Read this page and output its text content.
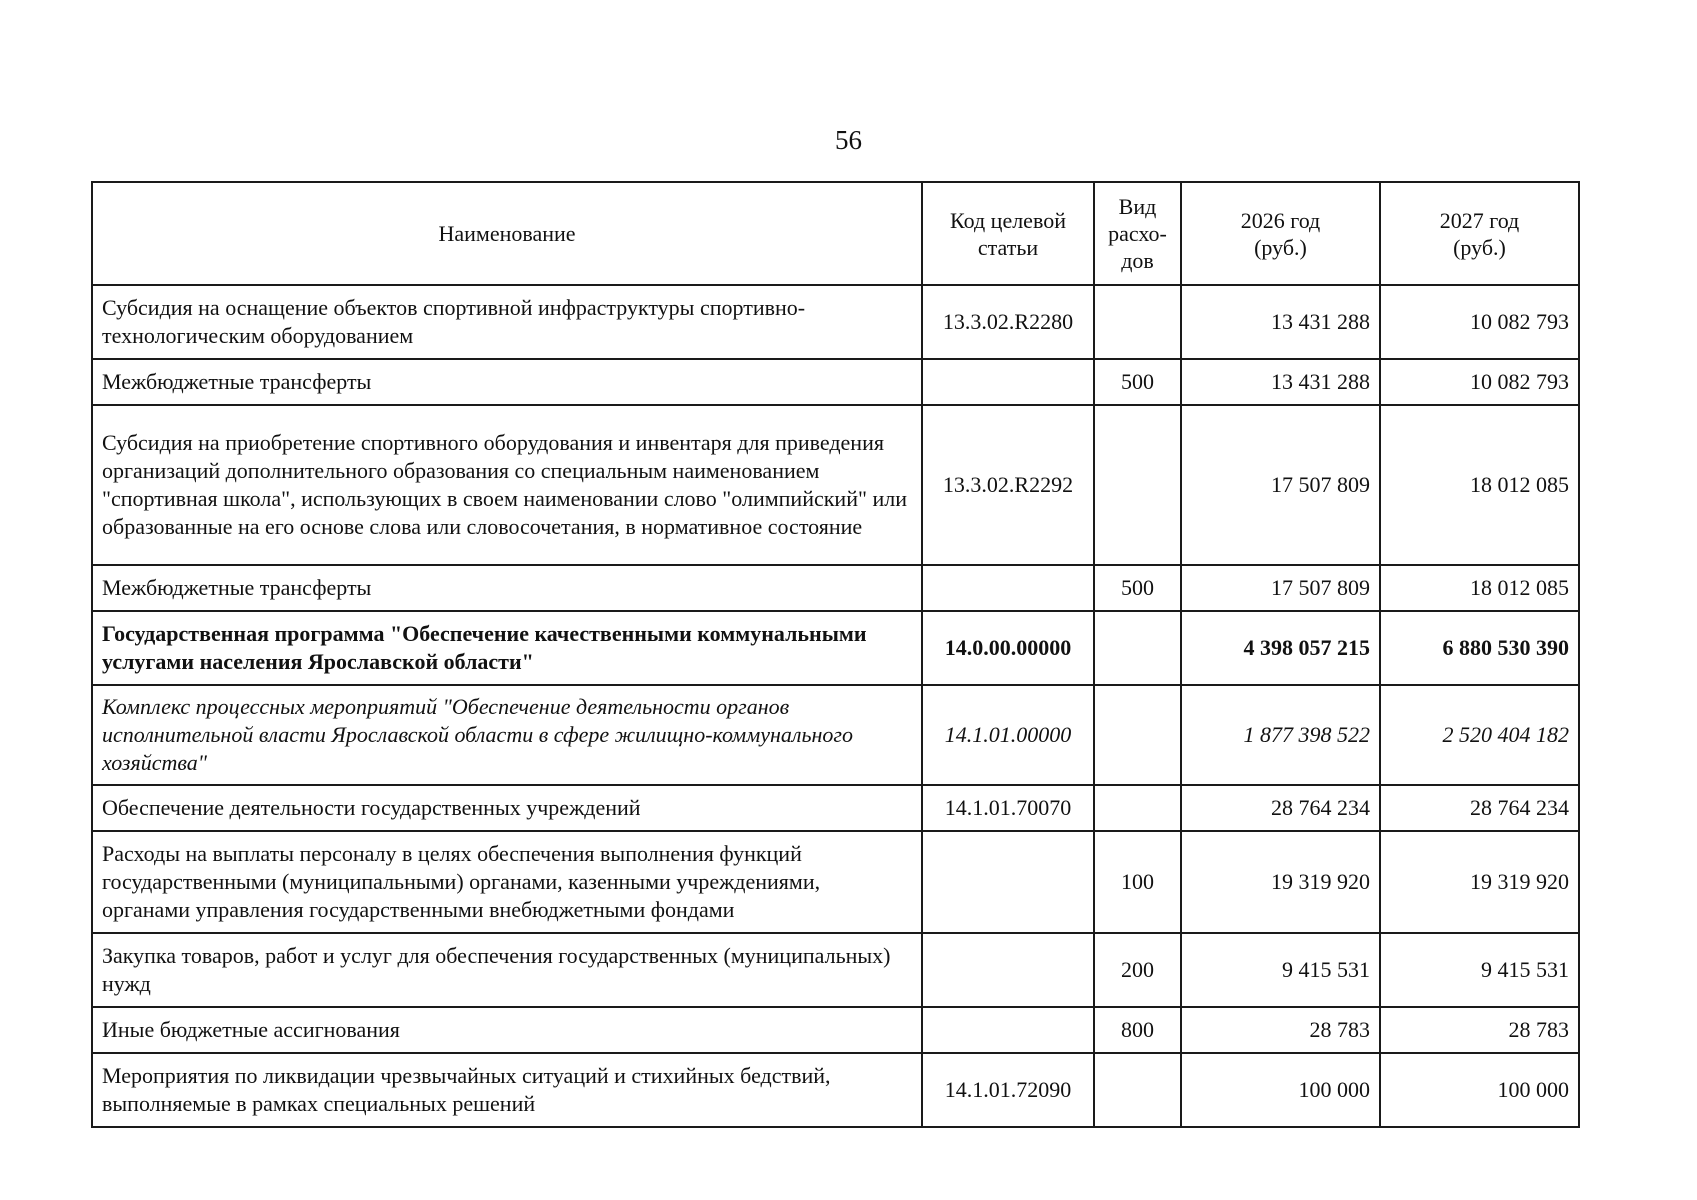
56
Наименование	Код целевой статьи	Вид расхо-дов	2026 год (руб.)	2027 год (руб.)
Субсидия на оснащение объектов спортивной инфраструктуры спортивно-технологическим оборудованием	13.3.02.R2280		13 431 288	10 082 793
Межбюджетные трансферты		500	13 431 288	10 082 793
Субсидия на приобретение спортивного оборудования и инвентаря для приведения организаций дополнительного образования со специальным наименованием "спортивная школа", использующих в своем наименовании слово "олимпийский" или образованные на его основе слова или словосочетания, в нормативное состояние	13.3.02.R2292		17 507 809	18 012 085
Межбюджетные трансферты		500	17 507 809	18 012 085
Государственная программа "Обеспечение качественными коммунальными услугами населения Ярославской области"	14.0.00.00000		4 398 057 215	6 880 530 390
Комплекс процессных мероприятий "Обеспечение деятельности органов исполнительной власти Ярославской области в сфере жилищно-коммунального хозяйства"	14.1.01.00000		1 877 398 522	2 520 404 182
Обеспечение деятельности государственных учреждений	14.1.01.70070		28 764 234	28 764 234
Расходы на выплаты персоналу в целях обеспечения выполнения функций государственными (муниципальными) органами, казенными учреждениями, органами управления государственными внебюджетными фондами		100	19 319 920	19 319 920
Закупка товаров, работ и услуг для обеспечения государственных (муниципальных) нужд		200	9 415 531	9 415 531
Иные бюджетные ассигнования		800	28 783	28 783
Мероприятия по ликвидации чрезвычайных ситуаций и стихийных бедствий, выполняемые в рамках специальных решений	14.1.01.72090		100 000	100 000
